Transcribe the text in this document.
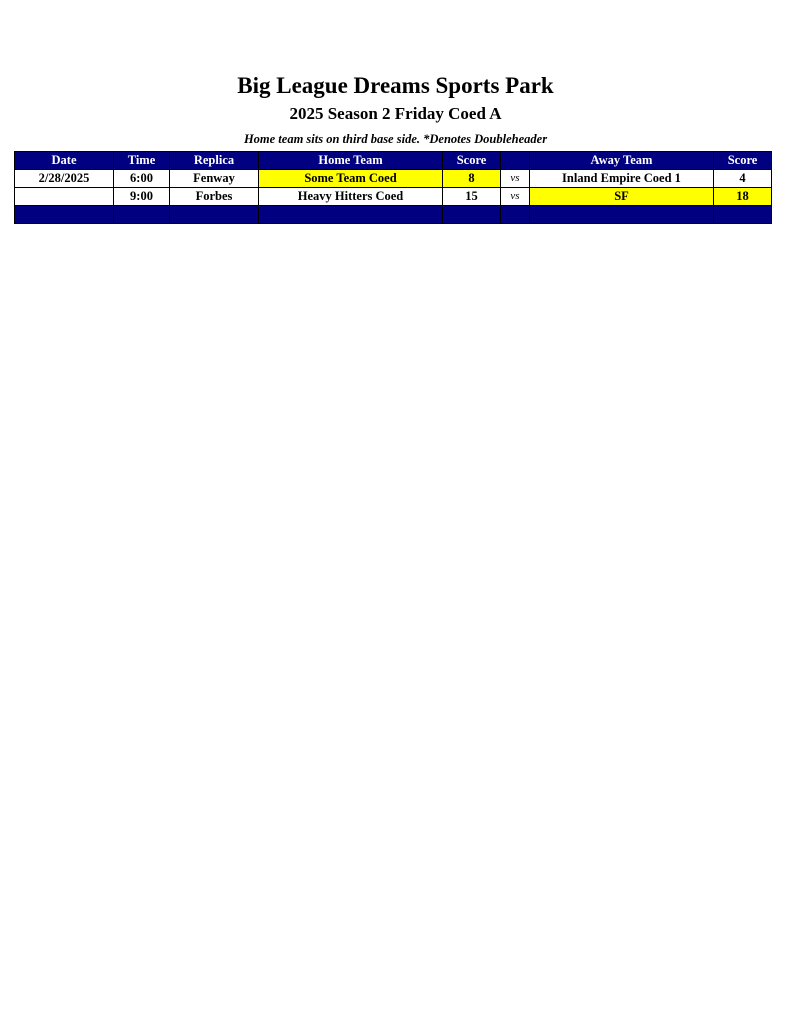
Big League Dreams Sports Park
2025 Season 2 Friday Coed A
Home team sits on third base side. *Denotes Doubleheader
Date	Time	Replica	Home Team	Score		Away Team	Score
2/28/2025	6:00	Fenway	Some Team Coed	8	vs	Inland Empire Coed 1	4
	9:00	Forbes	Heavy Hitters Coed	15	vs	SF	18
